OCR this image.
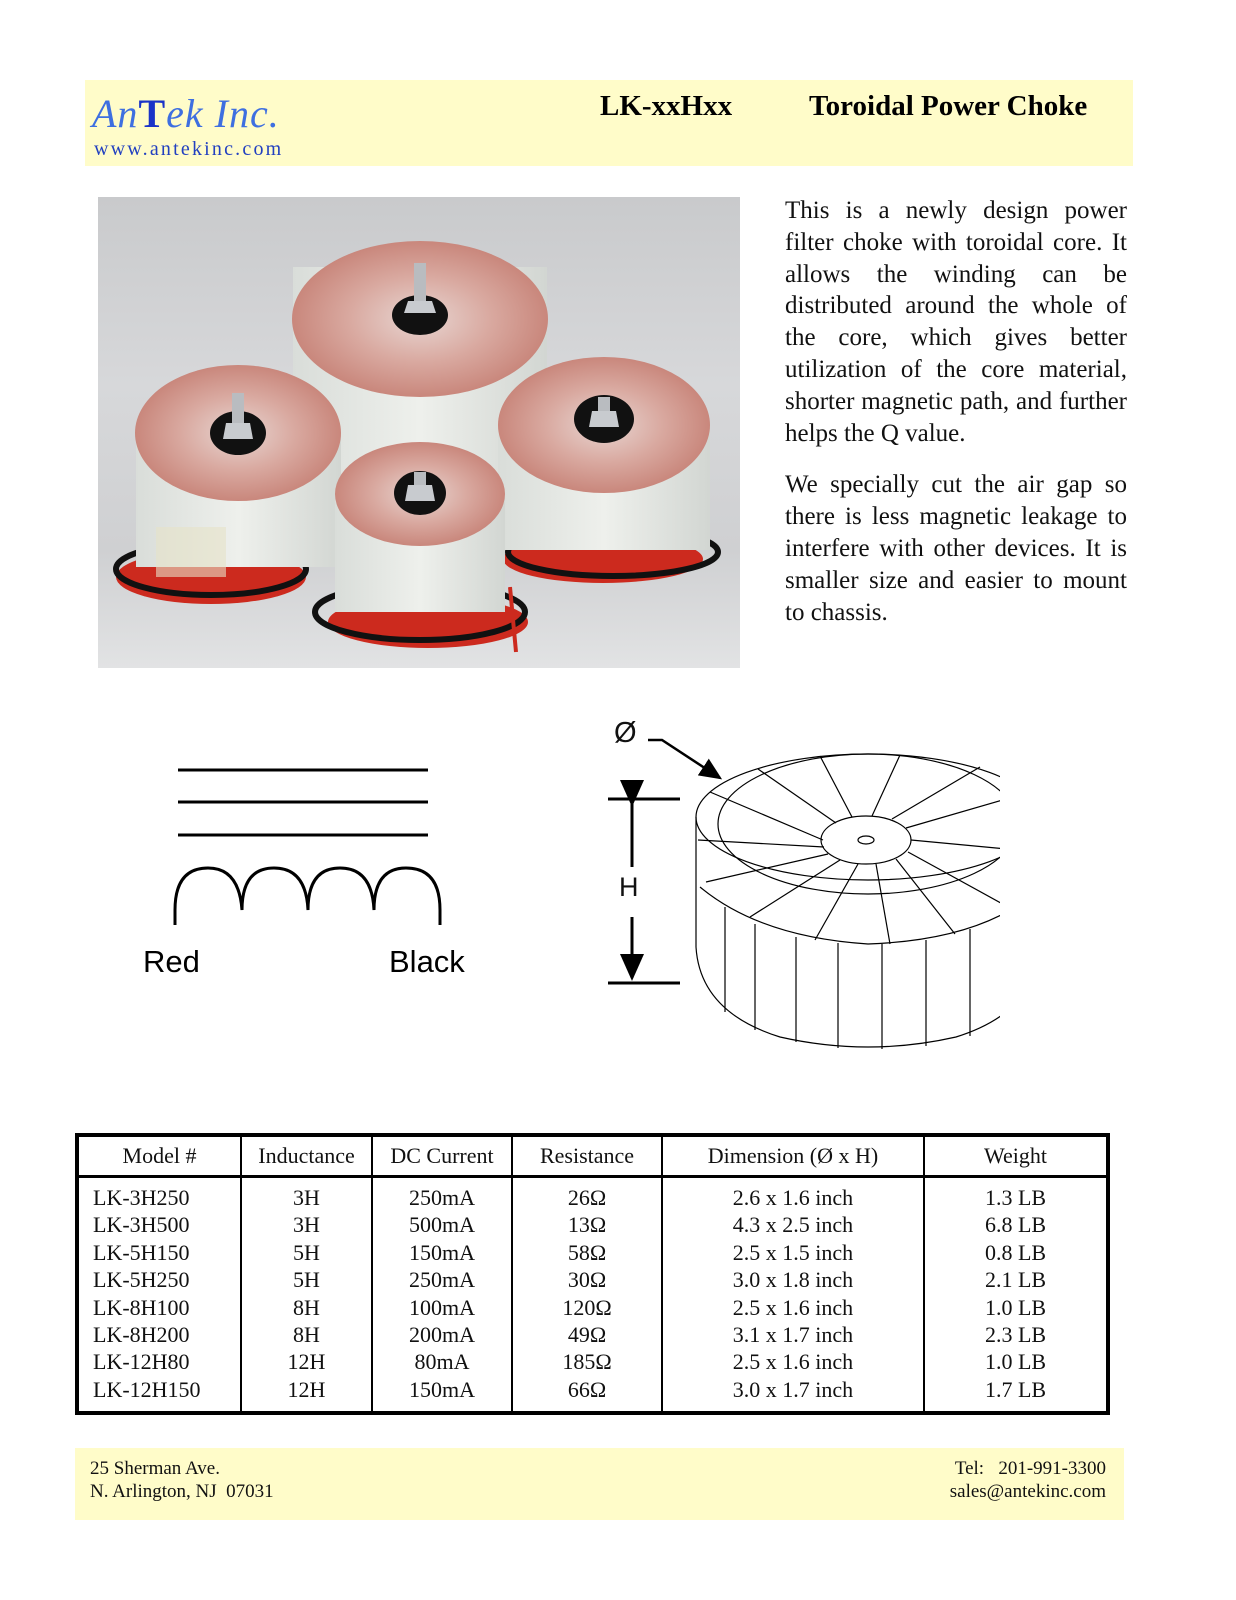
AnTek Inc.
www.antekinc.com
LK-xxHxx	Toroidal Power Choke

This is a newly design power filter choke with toroidal core. It allows the winding can be distributed around the whole of the core, which gives better utilization of the core material, shorter magnetic path, and further helps the Q value.

We specially cut the air gap so there is less magnetic leakage to interfere with other devices. It is smaller size and easier to mount to chassis.

Red	Black
Ø
H
Model #	Inductance	DC Current	Resistance	Dimension (Ø x H)	Weight
LK-3H250	3H	250mA	26Ω	2.6 x 1.6 inch	1.3 LB
LK-3H500	3H	500mA	13Ω	4.3 x 2.5 inch	6.8 LB
LK-5H150	5H	150mA	58Ω	2.5 x 1.5 inch	0.8 LB
LK-5H250	5H	250mA	30Ω	3.0 x 1.8 inch	2.1 LB
LK-8H100	8H	100mA	120Ω	2.5 x 1.6 inch	1.0 LB
LK-8H200	8H	200mA	49Ω	3.1 x 1.7 inch	2.3 LB
LK-12H80	12H	80mA	185Ω	2.5 x 1.6 inch	1.0 LB
LK-12H150	12H	150mA	66Ω	3.0 x 1.7 inch	1.7 LB
25 Sherman Ave.
N. Arlington, NJ  07031
Tel:   201-991-3300
sales@antekinc.com
